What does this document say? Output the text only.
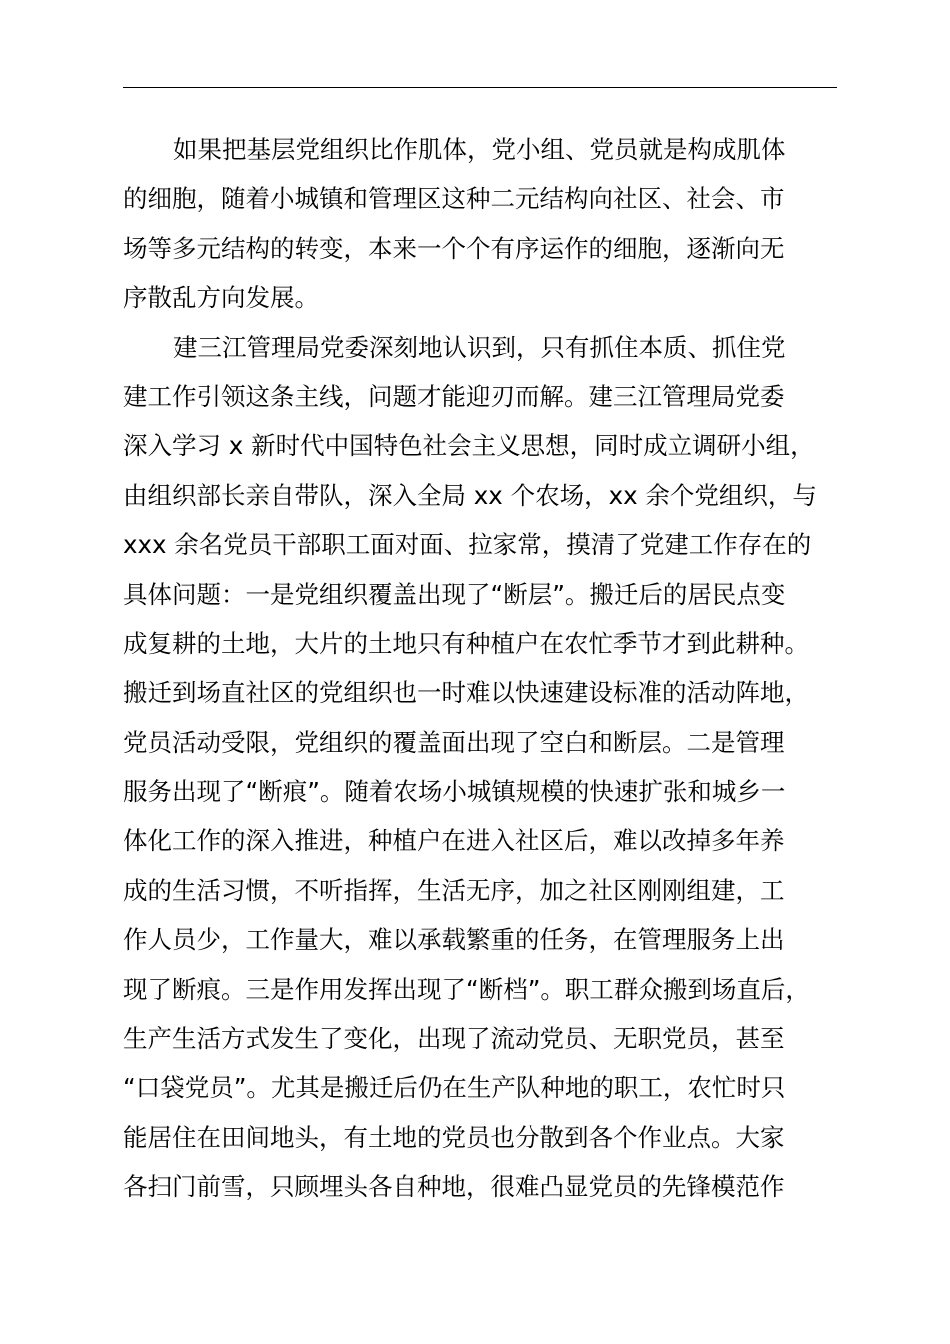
如果把基层党组织比作肌体，党小组、党员就是构成肌体
的细胞，随着小城镇和管理区这种二元结构向社区、社会、市
场等多元结构的转变，本来一个个有序运作的细胞，逐渐向无
序散乱方向发展。
建三江管理局党委深刻地认识到，只有抓住本质、抓住党
建工作引领这条主线，问题才能迎刃而解。建三江管理局党委
深入学习 x 新时代中国特色社会主义思想，同时成立调研小组，
由组织部长亲自带队，深入全局 xx 个农场，xx 余个党组织，与
xxx 余名党员干部职工面对面、拉家常，摸清了党建工作存在的
具体问题：一是党组织覆盖出现了“断层”。搬迁后的居民点变
成复耕的土地，大片的土地只有种植户在农忙季节才到此耕种。
搬迁到场直社区的党组织也一时难以快速建设标准的活动阵地，
党员活动受限，党组织的覆盖面出现了空白和断层。二是管理
服务出现了“断痕”。随着农场小城镇规模的快速扩张和城乡一
体化工作的深入推进，种植户在进入社区后，难以改掉多年养
成的生活习惯，不听指挥，生活无序，加之社区刚刚组建，工
作人员少，工作量大，难以承载繁重的任务，在管理服务上出
现了断痕。三是作用发挥出现了“断档”。职工群众搬到场直后，
生产生活方式发生了变化，出现了流动党员、无职党员，甚至
“口袋党员”。尤其是搬迁后仍在生产队种地的职工，农忙时只
能居住在田间地头，有土地的党员也分散到各个作业点。大家
各扫门前雪，只顾埋头各自种地，很难凸显党员的先锋模范作
